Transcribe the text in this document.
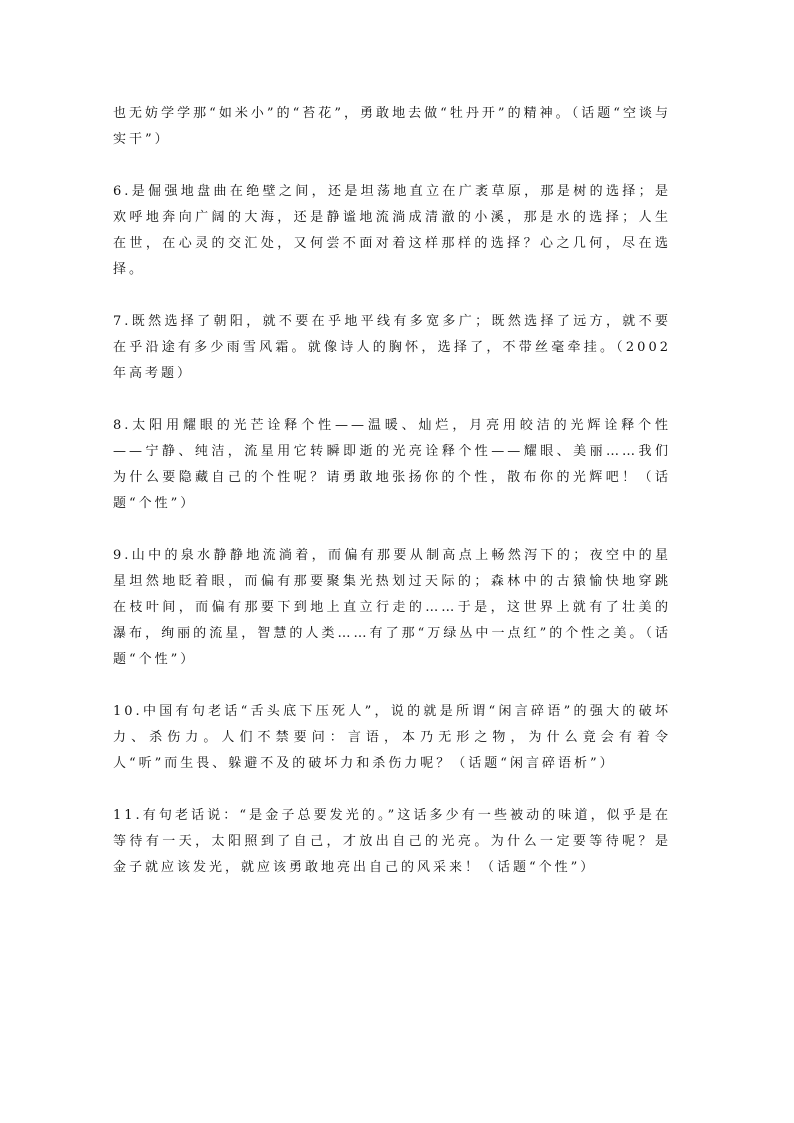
也无妨学学那“如米小”的“苔花”，勇敢地去做“牡丹开”的精神。（话题“空谈与实干”）

6.是倔强地盘曲在绝壁之间，还是坦荡地直立在广袤草原，那是树的选择；是欢呼地奔向广阔的大海，还是静谧地流淌成清澈的小溪，那是水的选择；人生在世，在心灵的交汇处，又何尝不面对着这样那样的选择？心之几何，尽在选择。

7.既然选择了朝阳，就不要在乎地平线有多宽多广；既然选择了远方，就不要在乎沿途有多少雨雪风霜。就像诗人的胸怀，选择了，不带丝毫牵挂。（2002年高考题）

8.太阳用耀眼的光芒诠释个性——温暖、灿烂，月亮用皎洁的光辉诠释个性——宁静、纯洁，流星用它转瞬即逝的光亮诠释个性——耀眼、美丽……我们为什么要隐藏自己的个性呢？请勇敢地张扬你的个性，散布你的光辉吧！（话题“个性”）

9.山中的泉水静静地流淌着，而偏有那要从制高点上畅然泻下的；夜空中的星星坦然地眨着眼，而偏有那要聚集光热划过天际的；森林中的古猿愉快地穿跳在枝叶间，而偏有那要下到地上直立行走的……于是，这世界上就有了壮美的瀑布，绚丽的流星，智慧的人类……有了那“万绿丛中一点红”的个性之美。（话题“个性”）

10.中国有句老话“舌头底下压死人”，说的就是所谓“闲言碎语”的强大的破坏力、杀伤力。人们不禁要问：言语，本乃无形之物，为什么竟会有着令人“听”而生畏、躲避不及的破坏力和杀伤力呢？（话题“闲言碎语析”）

11.有句老话说：“是金子总要发光的。”这话多少有一些被动的味道，似乎是在等待有一天，太阳照到了自己，才放出自己的光亮。为什么一定要等待呢？是金子就应该发光，就应该勇敢地亮出自己的风采来！（话题“个性”）
